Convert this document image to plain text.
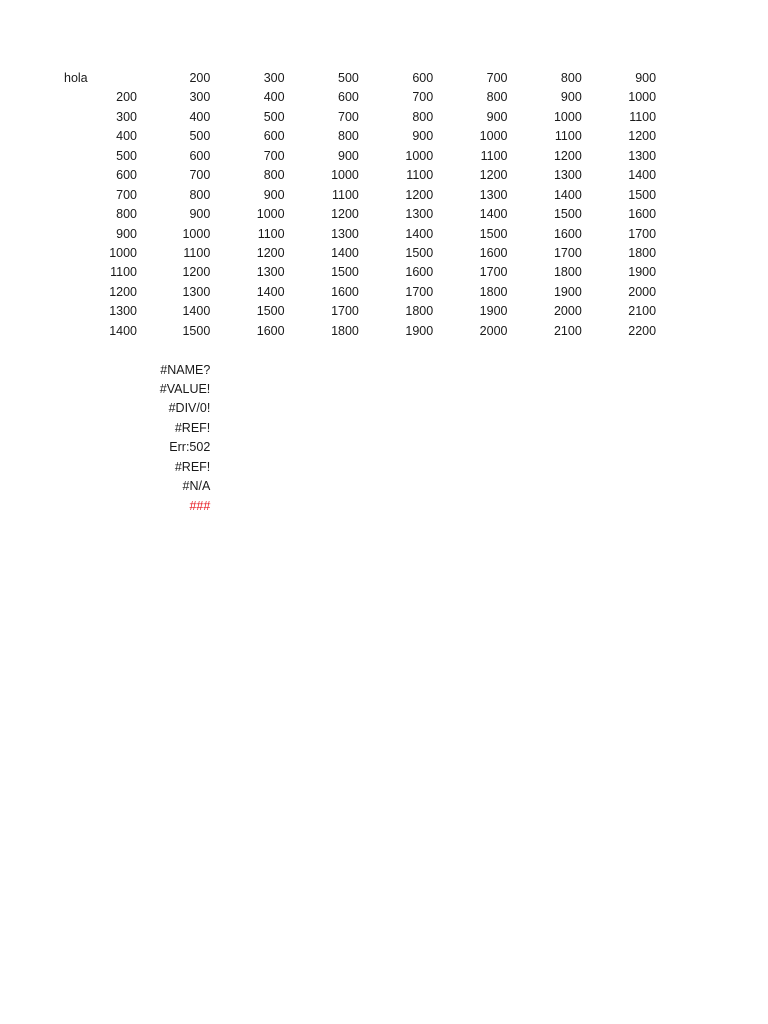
hola	200	300	500	600	700	800	900
200	300	400	600	700	800	900	1000
300	400	500	700	800	900	1000	1100
400	500	600	800	900	1000	1100	1200
500	600	700	900	1000	1100	1200	1300
600	700	800	1000	1100	1200	1300	1400
700	800	900	1100	1200	1300	1400	1500
800	900	1000	1200	1300	1400	1500	1600
900	1000	1100	1300	1400	1500	1600	1700
1000	1100	1200	1400	1500	1600	1700	1800
1100	1200	1300	1500	1600	1700	1800	1900
1200	1300	1400	1600	1700	1800	1900	2000
1300	1400	1500	1700	1800	1900	2000	2100
1400	1500	1600	1800	1900	2000	2100	2200
#NAME?
#VALUE!
#DIV/0!
#REF!
Err:502
#REF!
#N/A
###
